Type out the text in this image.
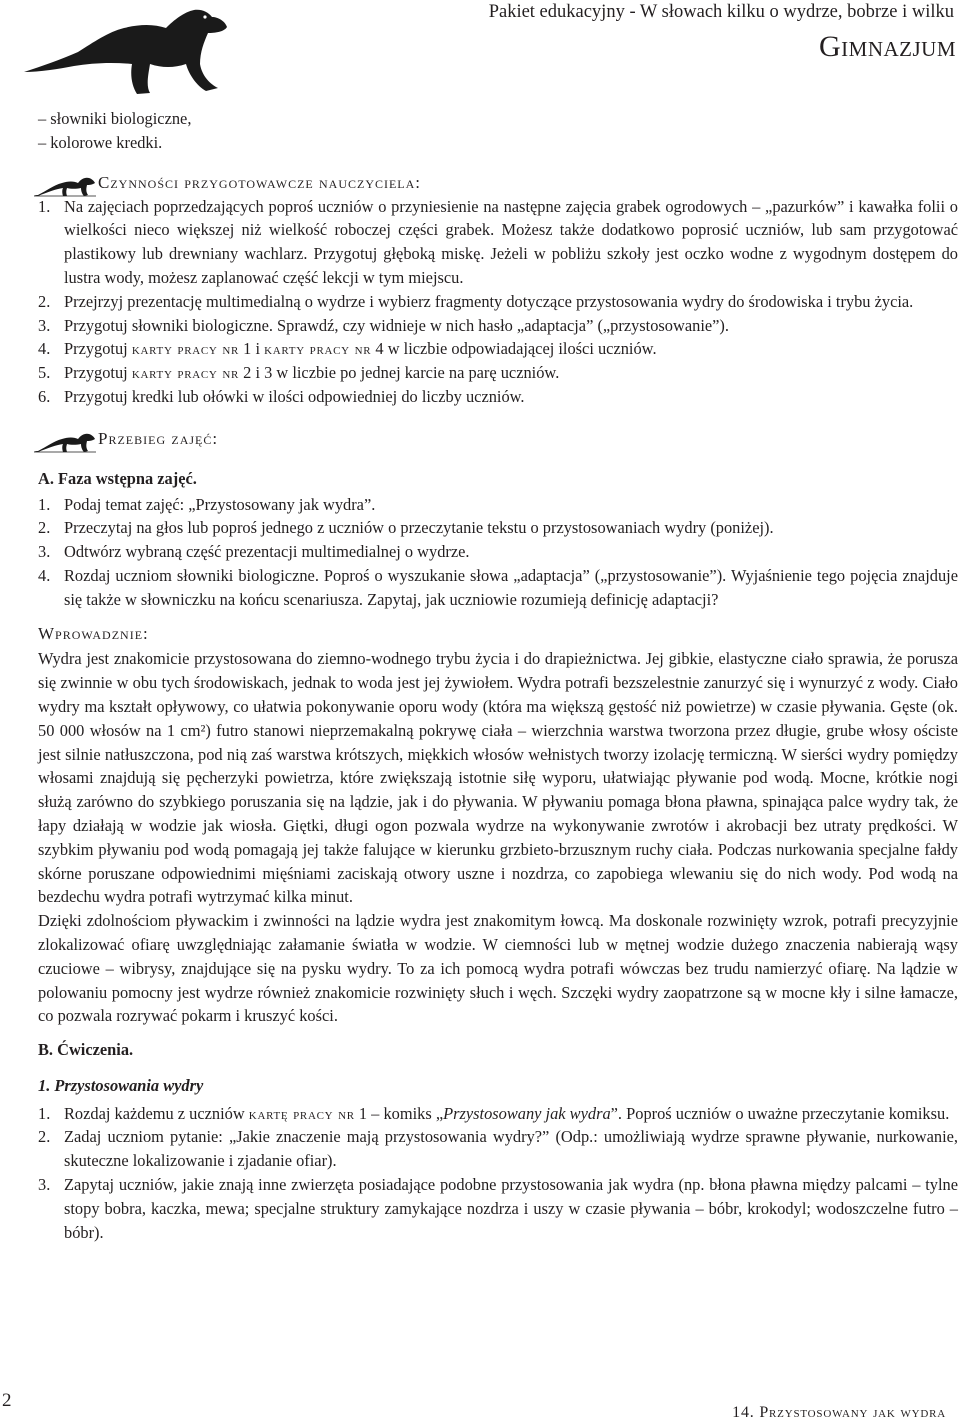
Pakiet edukacyjny - W słowach kilku o wydrze, bobrze i wilku
Gimnazjum

– słowniki biologiczne,

– kolorowe kredki.

Czynności przygotowawcze nauczyciela:
1. Na zajęciach poprzedzających poproś uczniów o przyniesienie na następne zajęcia grabek ogrodowych – „pazurków” i kawałka folii o wielkości nieco większej niż wielkość roboczej części grabek. Możesz także dodatkowo poprosić uczniów, lub sam przygotować plastikowy lub drewniany wachlarz. Przygotuj głęboką miskę. Jeżeli w pobliżu szkoły jest oczko wodne z wygodnym dostępem do lustra wody, możesz zaplanować część lekcji w tym miejscu.
2. Przejrzyj prezentację multimedialną o wydrze i wybierz fragmenty dotyczące przystosowania wydry do środowiska i trybu życia.
3. Przygotuj słowniki biologiczne. Sprawdź, czy widnieje w nich hasło „adaptacja” („przystosowanie”).
4. Przygotuj karty pracy nr 1 i karty pracy nr 4 w liczbie odpowiadającej ilości uczniów.
5. Przygotuj karty pracy nr 2 i 3 w liczbie po jednej karcie na parę uczniów.
6. Przygotuj kredki lub ołówki w ilości odpowiedniej do liczby uczniów.
Przebieg zajęć:

A. Faza wstępna zajęć.

1. Podaj temat zajęć: „Przystosowany jak wydra”.
2. Przeczytaj na głos lub poproś jednego z uczniów o przeczytanie tekstu o przystosowaniach wydry (poniżej).
3. Odtwórz wybraną część prezentacji multimedialnej o wydrze.
4. Rozdaj uczniom słowniki biologiczne. Poproś o wyszukanie słowa „adaptacja” („przystosowanie”). Wyjaśnienie tego pojęcia znajduje się także w słowniczku na końcu scenariusza. Zapytaj, jak uczniowie rozumieją definicję adaptacji?

Wprowadznie:

Wydra jest znakomicie przystosowana do ziemno-wodnego trybu życia i do drapieżnictwa. Jej gibkie, elastyczne ciało sprawia, że porusza się zwinnie w obu tych środowiskach, jednak to woda jest jej żywiołem. Wydra potrafi bezszelestnie zanurzyć się i wynurzyć z wody. Ciało wydry ma kształt opływowy, co ułatwia pokonywanie oporu wody (która ma większą gęstość niż powietrze) w czasie pływania. Gęste (ok. 50 000 włosów na 1 cm²) futro stanowi nieprzemakalną pokrywę ciała – wierzchnia warstwa tworzona przez długie, grube włosy ościste jest silnie natłuszczona, pod nią zaś warstwa krótszych, miękkich włosów wełnistych tworzy izolację termiczną. W sierści wydry pomiędzy włosami znajdują się pęcherzyki powietrza, które zwiększają istotnie siłę wyporu, ułatwiając pływanie pod wodą. Mocne, krótkie nogi służą zarówno do szybkiego poruszania się na lądzie, jak i do pływania. W pływaniu pomaga błona pławna, spinająca palce wydry tak, że łapy działają w wodzie jak wiosła. Giętki, długi ogon pozwala wydrze na wykonywanie zwrotów i akrobacji bez utraty prędkości. W szybkim pływaniu pod wodą pomagają jej także falujące w kierunku grzbieto-brzusznym ruchy ciała. Podczas nurkowania specjalne fałdy skórne poruszane odpowiednimi mięśniami zaciskają otwory uszne i nozdrza, co zapobiega wlewaniu się do nich wody. Pod wodą na bezdechu wydra potrafi wytrzymać kilka minut.

Dzięki zdolnościom pływackim i zwinności na lądzie wydra jest znakomitym łowcą. Ma doskonale rozwinięty wzrok, potrafi precyzyjnie zlokalizować ofiarę uwzględniając załamanie światła w wodzie. W ciemności lub w mętnej wodzie dużego znaczenia nabierają wąsy czuciowe – wibrysy, znajdujące się na pysku wydry. To za ich pomocą wydra potrafi wówczas bez trudu namierzyć ofiarę. Na lądzie w polowaniu pomocny jest wydrze również znakomicie rozwinięty słuch i węch. Szczęki wydry zaopatrzone są w mocne kły i silne łamacze, co pozwala rozrywać pokarm i kruszyć kości.

B. Ćwiczenia.

1. Przystosowania wydry

1. Rozdaj każdemu z uczniów kartę pracy nr 1 – komiks „Przystosowany jak wydra”. Poproś uczniów o uważne przeczytanie komiksu.
2. Zadaj uczniom pytanie: „Jakie znaczenie mają przystosowania wydry?” (Odp.: umożliwiają wydrze sprawne pływanie, nurkowanie, skuteczne lokalizowanie i zjadanie ofiar).
3. Zapytaj uczniów, jakie znają inne zwierzęta posiadające podobne przystosowania jak wydra (np. błona pławna między palcami – tylne stopy bobra, kaczka, mewa; specjalne struktury zamykające nozdrza i uszy w czasie pływania – bóbr, krokodyl; wodoszczelne futro – bóbr).
2
14. Przystosowany jak wydra
